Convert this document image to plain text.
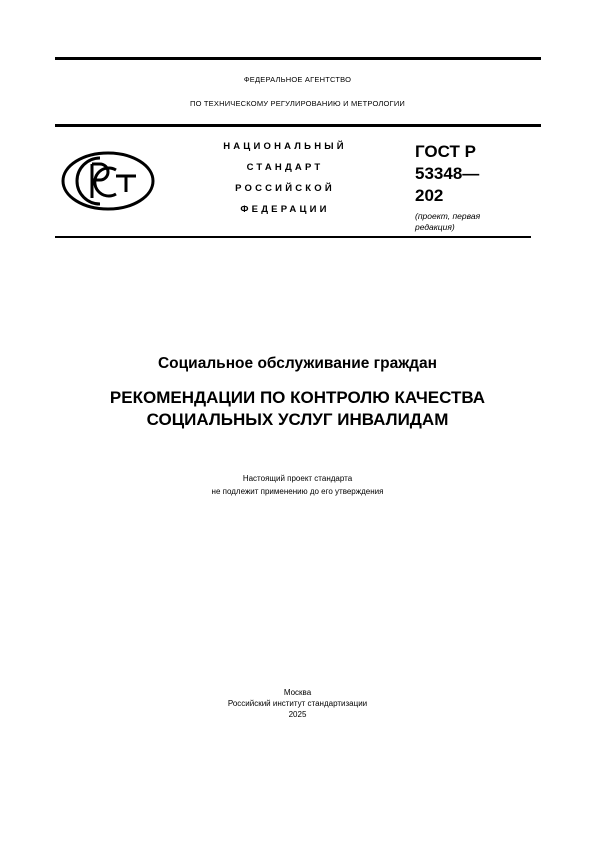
ФЕДЕРАЛЬНОЕ АГЕНТСТВО
ПО ТЕХНИЧЕСКОМУ РЕГУЛИРОВАНИЮ И МЕТРОЛОГИИ
НАЦИОНАЛЬНЫЙ
СТАНДАРТ
РОССИЙСКОЙ
ФЕДЕРАЦИИ
ГОСТ Р
53348—
202
(проект, первая
редакция)
Социальное обслуживание граждан
РЕКОМЕНДАЦИИ ПО КОНТРОЛЮ КАЧЕСТВА
СОЦИАЛЬНЫХ УСЛУГ ИНВАЛИДАМ
Настоящий проект стандарта
не подлежит применению до его утверждения
Москва
Российский институт стандартизации
2025
